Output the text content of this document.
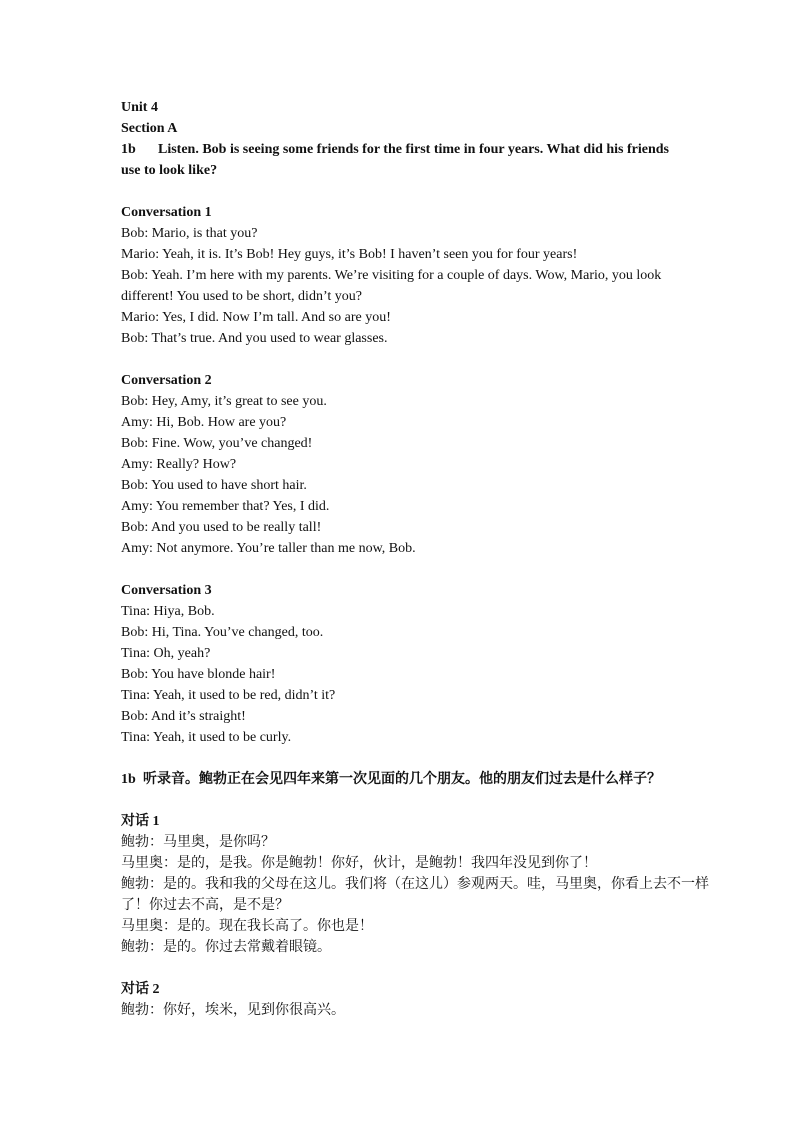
Unit 4
Section A
1b Listen. Bob is seeing some friends for the first time in four years. What did his friends use to look like?
Conversation 1
Bob: Mario, is that you?
Mario: Yeah, it is. It’s Bob! Hey guys, it’s Bob! I haven’t seen you for four years!
Bob: Yeah. I’m here with my parents. We’re visiting for a couple of days. Wow, Mario, you look
different! You used to be short, didn’t you?
Mario: Yes, I did. Now I’m tall. And so are you!
Bob: That’s true. And you used to wear glasses.
Conversation 2
Bob: Hey, Amy, it’s great to see you.
Amy: Hi, Bob. How are you?
Bob: Fine. Wow, you’ve changed!
Amy: Really? How?
Bob: You used to have short hair.
Amy: You remember that? Yes, I did.
Bob: And you used to be really tall!
Amy: Not anymore. You’re taller than me now, Bob.
Conversation 3
Tina: Hiya, Bob.
Bob: Hi, Tina. You’ve changed, too.
Tina: Oh, yeah?
Bob: You have blonde hair!
Tina: Yeah, it used to be red, didn’t it?
Bob: And it’s straight!
Tina: Yeah, it used to be curly.
1b 听录音。鲍勃正在会见四年来第一次见面的几个朋友。他的朋友们过去是什么样子？
对话 1
鲍勃：马里奥，是你吗？
马里奥：是的，是我。你是鲍勃！你好，伙计，是鲍勃！我四年没见到你了！
鲍勃：是的。我和我的父母在这儿。我们将（在这儿）参观两天。哇，马里奥，你看上去不一样
了！你过去不高，是不是？
马里奥：是的。现在我长高了。你也是！
鲍勃：是的。你过去常戴着眼镜。
对话 2
鲍勃：你好，埃米，见到你很高兴。
